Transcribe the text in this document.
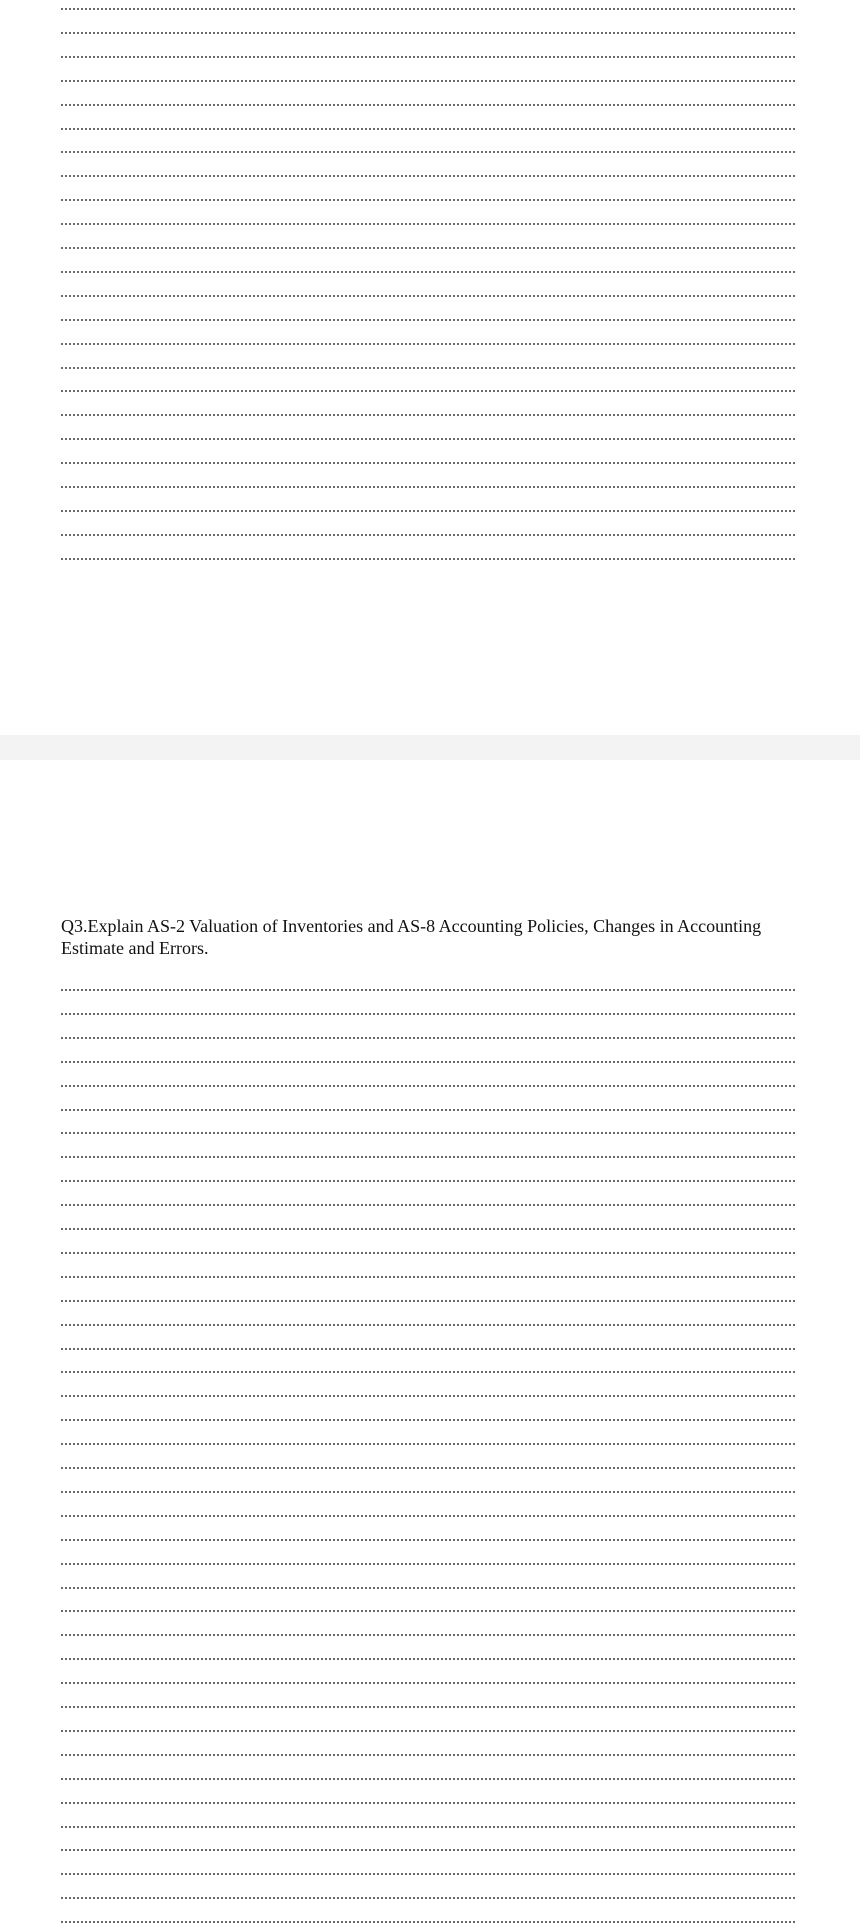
Q3.Explain AS-2 Valuation of Inventories and AS-8 Accounting Policies, Changes in Accounting Estimate and Errors.
